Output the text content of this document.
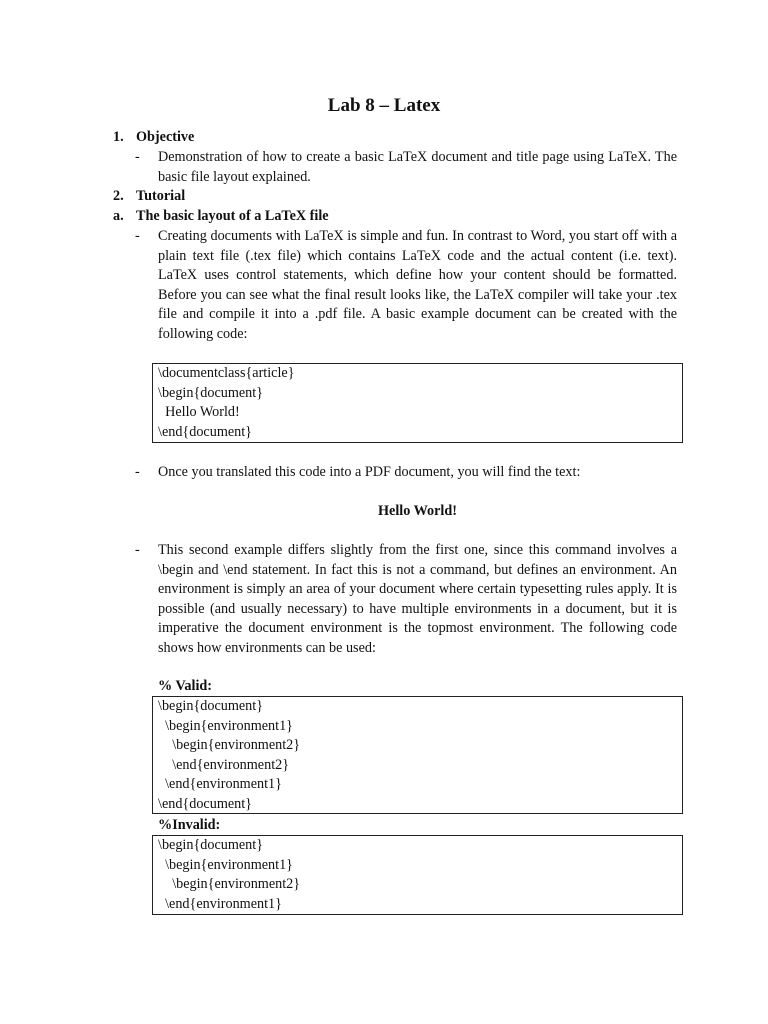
Lab 8 – Latex
1. Objective
- Demonstration of how to create a basic LaTeX document and title page using LaTeX. The basic file layout explained.
2. Tutorial
a. The basic layout of a LaTeX file
- Creating documents with LaTeX is simple and fun. In contrast to Word, you start off with a plain text file (.tex file) which contains LaTeX code and the actual content (i.e. text). LaTeX uses control statements, which define how your content should be formatted. Before you can see what the final result looks like, the LaTeX compiler will take your .tex file and compile it into a .pdf file. A basic example document can be created with the following code:
\documentclass{article}
\begin{document}
Hello World!
\end{document}
- Once you translated this code into a PDF document, you will find the text:
Hello World!
- This second example differs slightly from the first one, since this command involves a \begin and \end statement. In fact this is not a command, but defines an environment. An environment is simply an area of your document where certain typesetting rules apply. It is possible (and usually necessary) to have multiple environments in a document, but it is imperative the document environment is the topmost environment. The following code shows how environments can be used:
% Valid:
\begin{document}
\begin{environment1}
\begin{environment2}
\end{environment2}
\end{environment1}
\end{document}
%Invalid:
\begin{document}
\begin{environment1}
\begin{environment2}
\end{environment1}
